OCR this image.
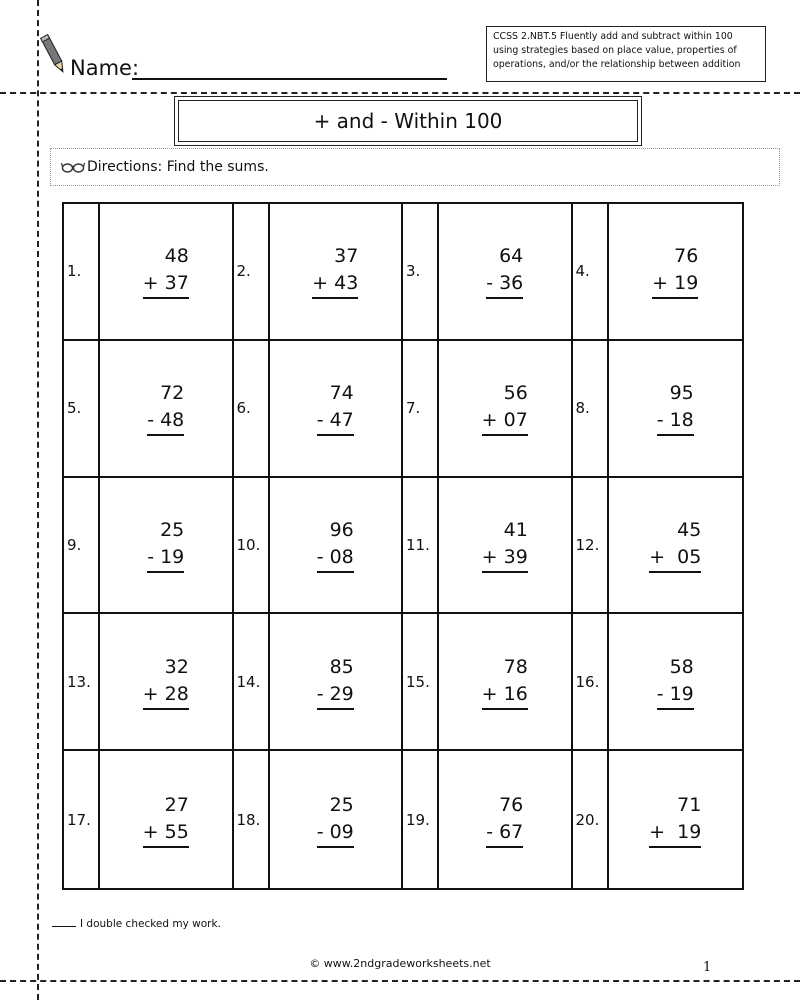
Name:
CCSS 2.NBT.5 Fluently add and subtract within 100 using strategies based on place value, properties of operations, and/or the relationship between addition
+ and - Within 100
Directions: Find the sums.
1.
48
+ 37
2.
37
+ 43
3.
64
- 36
4.
76
+ 19
5.
72
- 48
6.
74
- 47
7.
56
+ 07
8.
95
- 18
9.
25
- 19
10.
96
- 08
11.
41
+ 39
12.
45
+  05
13.
32
+ 28
14.
85
- 29
15.
78
+ 16
16.
58
- 19
17.
27
+ 55
18.
25
- 09
19.
76
- 67
20.
71
+  19
I double checked my work.
© www.2ndgradeworksheets.net	1
